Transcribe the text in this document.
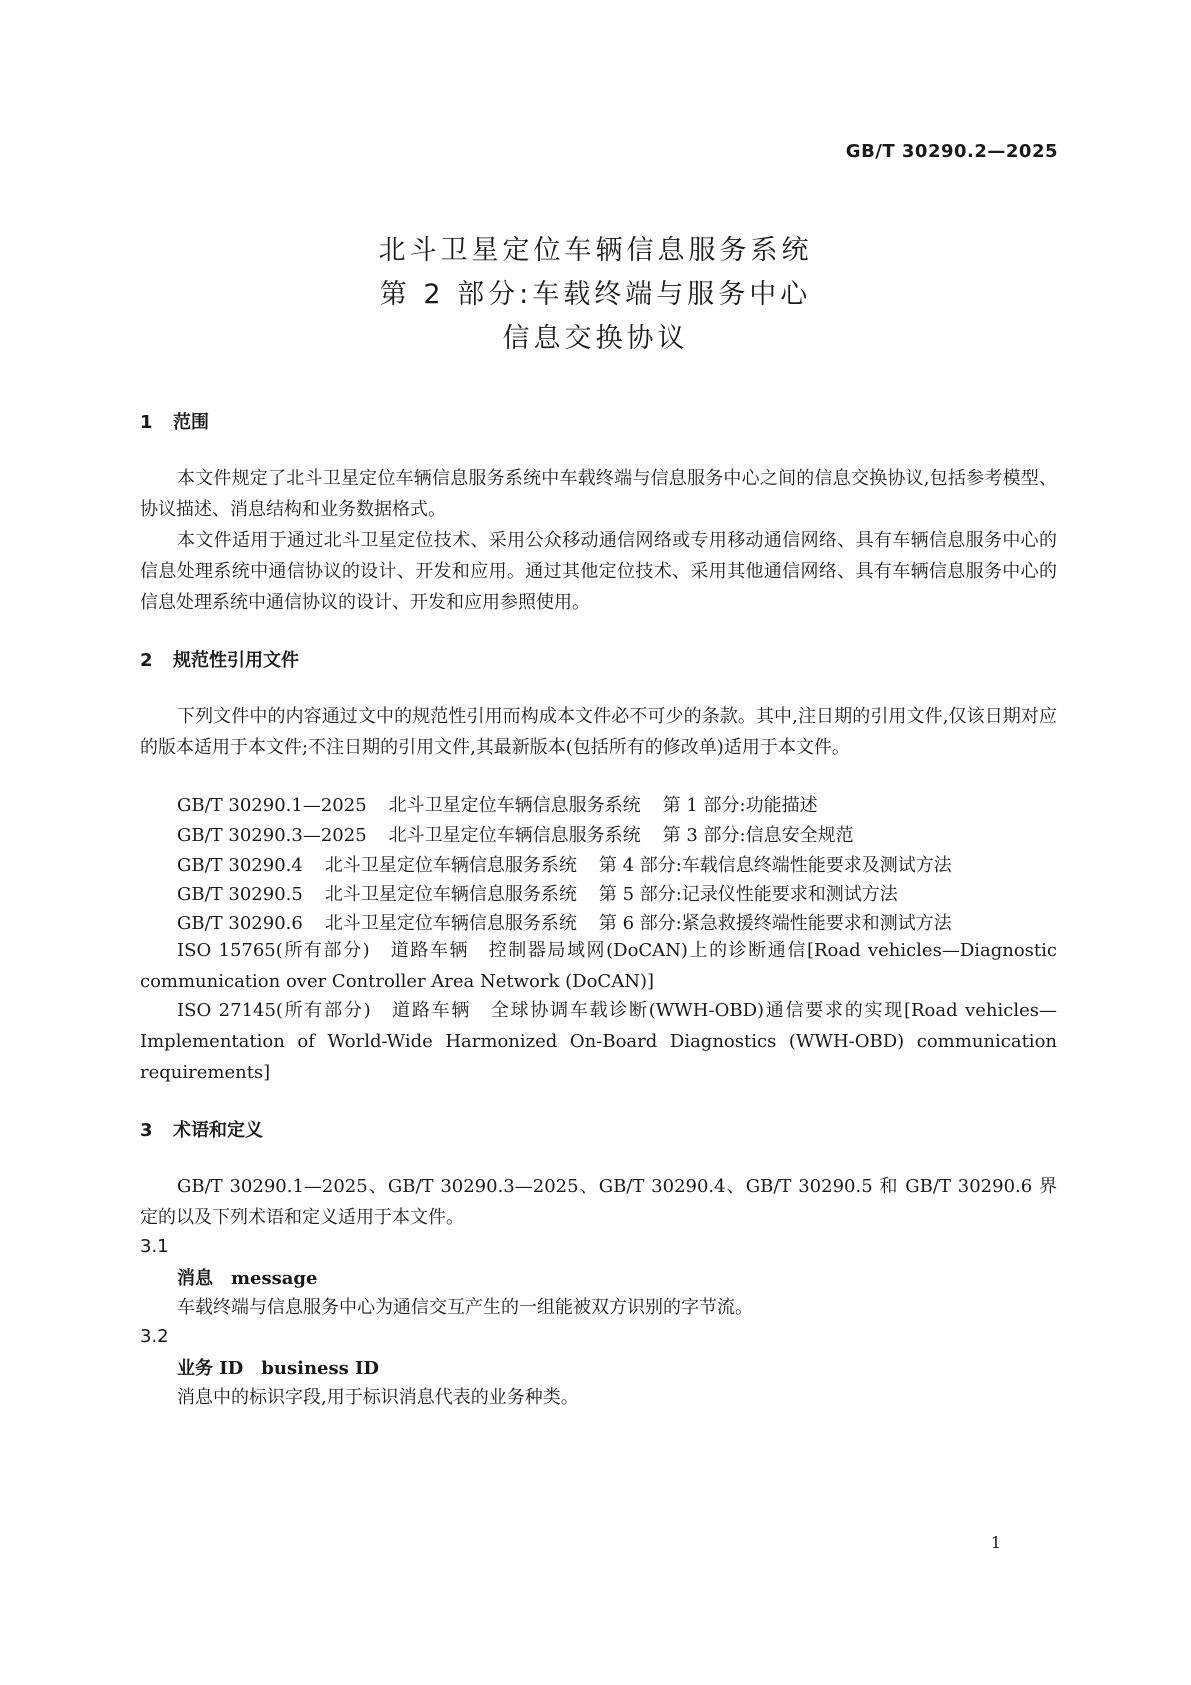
GB/T 30290.2—2025
北斗卫星定位车辆信息服务系统
第 2 部分:车载终端与服务中心
信息交换协议
1 范围
本文件规定了北斗卫星定位车辆信息服务系统中车载终端与信息服务中心之间的信息交换协议,包括参考模型、协议描述、消息结构和业务数据格式。
本文件适用于通过北斗卫星定位技术、采用公众移动通信网络或专用移动通信网络、具有车辆信息服务中心的信息处理系统中通信协议的设计、开发和应用。通过其他定位技术、采用其他通信网络、具有车辆信息服务中心的信息处理系统中通信协议的设计、开发和应用参照使用。
2 规范性引用文件
下列文件中的内容通过文中的规范性引用而构成本文件必不可少的条款。其中,注日期的引用文件,仅该日期对应的版本适用于本文件;不注日期的引用文件,其最新版本(包括所有的修改单)适用于本文件。
GB/T 30290.1—2025 北斗卫星定位车辆信息服务系统 第 1 部分:功能描述
GB/T 30290.3—2025 北斗卫星定位车辆信息服务系统 第 3 部分:信息安全规范
GB/T 30290.4 北斗卫星定位车辆信息服务系统 第 4 部分:车载信息终端性能要求及测试方法
GB/T 30290.5 北斗卫星定位车辆信息服务系统 第 5 部分:记录仪性能要求和测试方法
GB/T 30290.6 北斗卫星定位车辆信息服务系统 第 6 部分:紧急救援终端性能要求和测试方法
ISO 15765(所有部分)　道路车辆　控制器局域网(DoCAN)上的诊断通信[Road vehicles—Diagnostic communication over Controller Area Network (DoCAN)]
ISO 27145(所有部分)　道路车辆　全球协调车载诊断(WWH-OBD)通信要求的实现[Road vehicles—Implementation of World-Wide Harmonized On-Board Diagnostics (WWH-OBD) communication requirements]
3 术语和定义
GB/T 30290.1—2025、GB/T 30290.3—2025、GB/T 30290.4、GB/T 30290.5 和 GB/T 30290.6 界定的以及下列术语和定义适用于本文件。
3.1
消息 message
车载终端与信息服务中心为通信交互产生的一组能被双方识别的字节流。
3.2
业务 ID business ID
消息中的标识字段,用于标识消息代表的业务种类。
1
